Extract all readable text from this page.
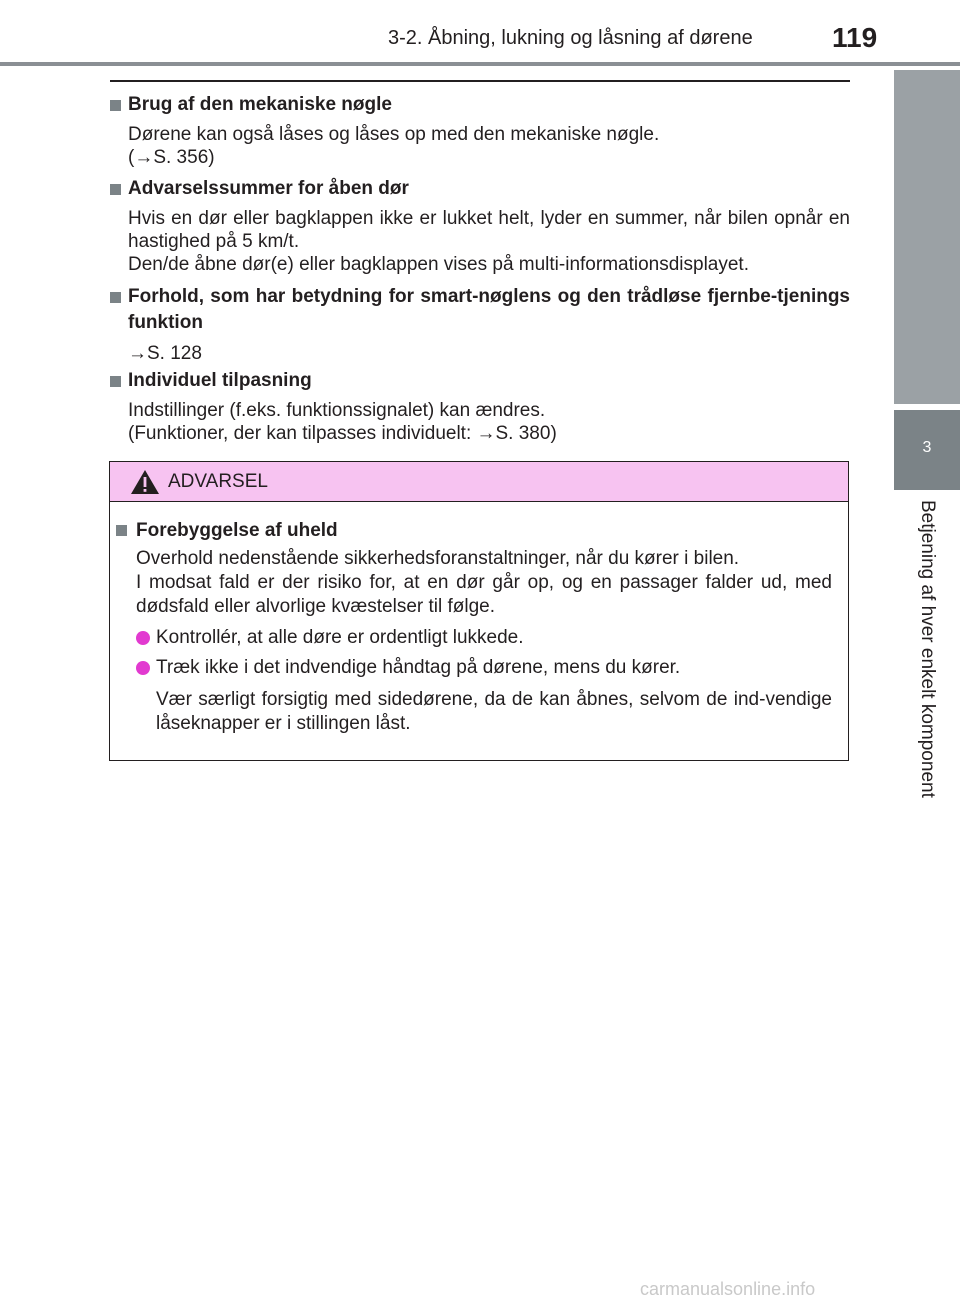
3-2. Åbning, lukning og låsning af dørene	119
3
Betjening af hver enkelt komponent
Brug af den mekaniske nøgle
Dørene kan også låses og låses op med den mekaniske nøgle.
(→S. 356)
Advarselssummer for åben dør
Hvis en dør eller bagklappen ikke er lukket helt, lyder en summer, når bilen opnår en hastighed på 5 km/t.
Den/de åbne dør(e) eller bagklappen vises på multi-informationsdisplayet.
Forhold, som har betydning for smart-nøglens og den trådløse fjernbe-tjenings funktion
→S. 128
Individuel tilpasning
Indstillinger (f.eks. funktionssignalet) kan ændres.
(Funktioner, der kan tilpasses individuelt: →S. 380)
ADVARSEL
Forebyggelse af uheld
Overhold nedenstående sikkerhedsforanstaltninger, når du kører i bilen.
I modsat fald er der risiko for, at en dør går op, og en passager falder ud, med dødsfald eller alvorlige kvæstelser til følge.
Kontrollér, at alle døre er ordentligt lukkede.
Træk ikke i det indvendige håndtag på dørene, mens du kører.
Vær særligt forsigtig med sidedørene, da de kan åbnes, selvom de ind-vendige låseknapper er i stillingen låst.
carmanualsonline.info
